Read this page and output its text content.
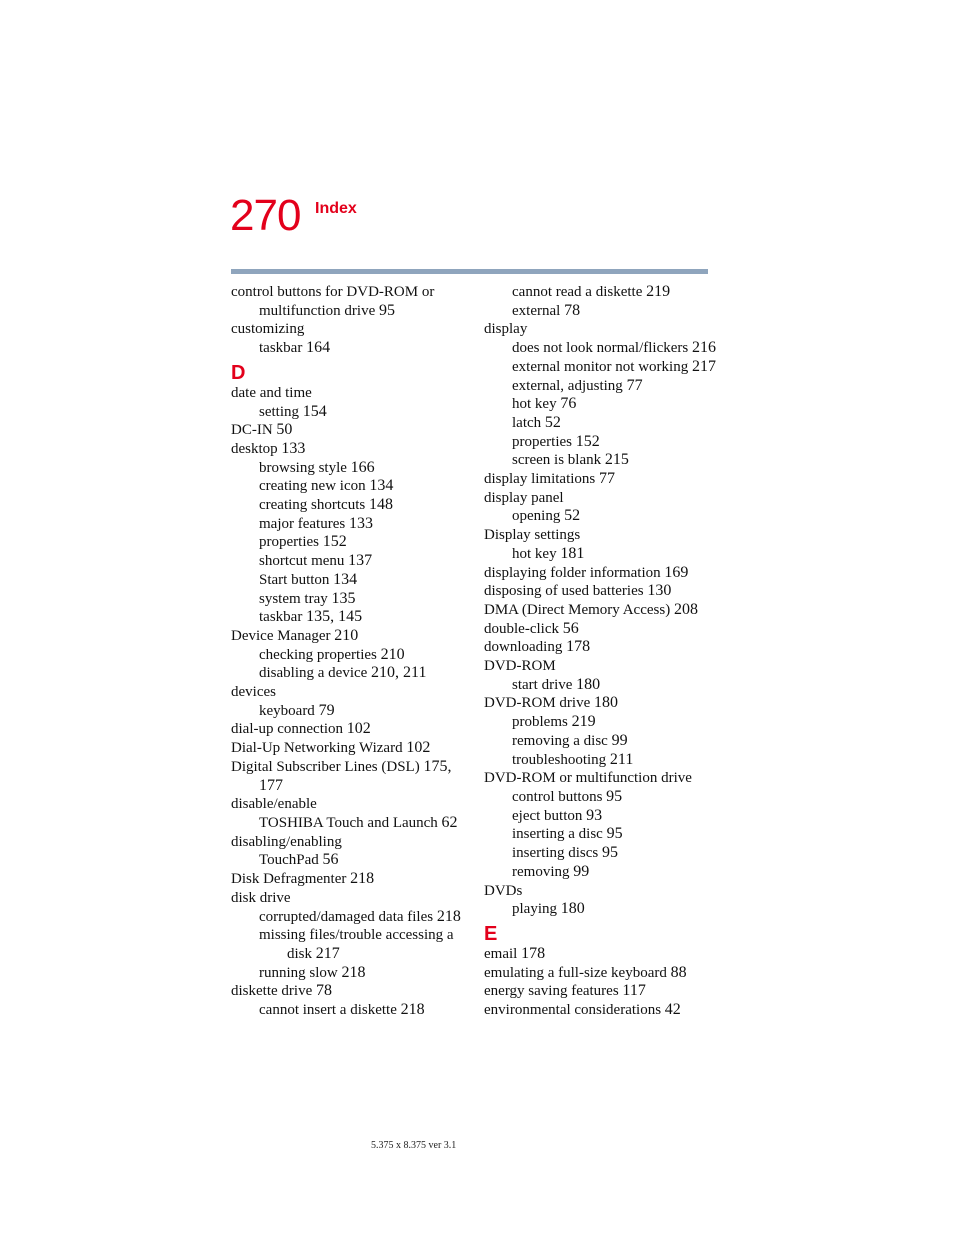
270 Index
control buttons for DVD-ROM or
multifunction drive 95
customizing
taskbar 164
D
date and time
setting 154
DC-IN 50
desktop 133
browsing style 166
creating new icon 134
creating shortcuts 148
major features 133
properties 152
shortcut menu 137
Start button 134
system tray 135
taskbar 135, 145
Device Manager 210
checking properties 210
disabling a device 210, 211
devices
keyboard 79
dial-up connection 102
Dial-Up Networking Wizard 102
Digital Subscriber Lines (DSL) 175,
177
disable/enable
TOSHIBA Touch and Launch 62
disabling/enabling
TouchPad 56
Disk Defragmenter 218
disk drive
corrupted/damaged data files 218
missing files/trouble accessing a
disk 217
running slow 218
diskette drive 78
cannot insert a diskette 218
cannot read a diskette 219
external 78
display
does not look normal/flickers 216
external monitor not working 217
external, adjusting 77
hot key 76
latch 52
properties 152
screen is blank 215
display limitations 77
display panel
opening 52
Display settings
hot key 181
displaying folder information 169
disposing of used batteries 130
DMA (Direct Memory Access) 208
double-click 56
downloading 178
DVD-ROM
start drive 180
DVD-ROM drive 180
problems 219
removing a disc 99
troubleshooting 211
DVD-ROM or multifunction drive
control buttons 95
eject button 93
inserting a disc 95
inserting discs 95
removing 99
DVDs
playing 180
E
email 178
emulating a full-size keyboard 88
energy saving features 117
environmental considerations 42
5.375 x 8.375 ver 3.1
